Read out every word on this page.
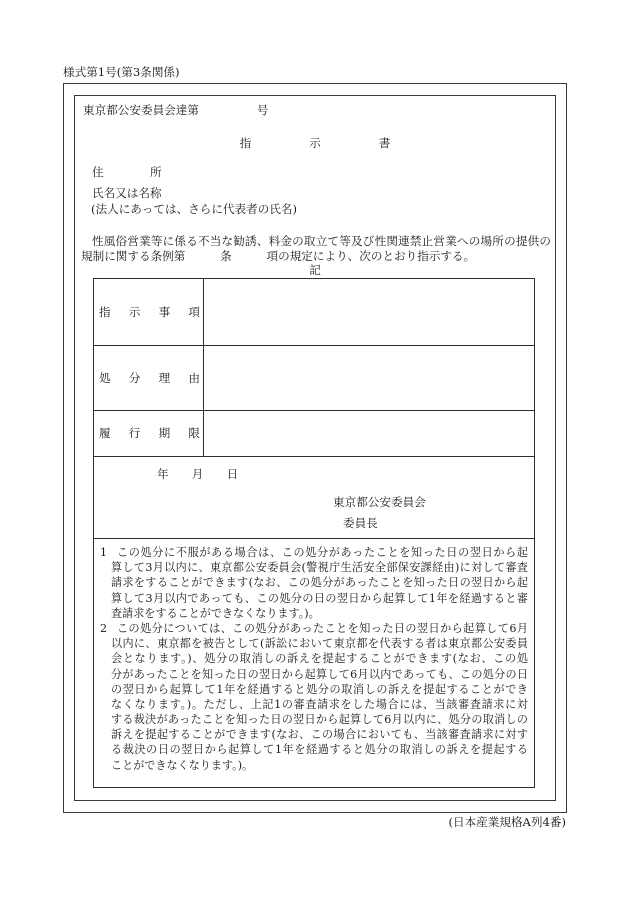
様式第1号(第3条関係)
東京都公安委員会達第　　　　　号
指　　　　　示　　　　　書
住　　　　所
氏名又は名称
(法人にあっては、さらに代表者の氏名)
性風俗営業等に係る不当な勧誘、料金の取立て等及び性関連禁止営業への場所の提供の
規制に関する条例第　　　条　　　項の規定により、次のとおり指示する。
記
指　示　事　項
処　分　理　由
履　行　期　限
年　　月　　日
東京都公安委員会
委員長
1 この処分に不服がある場合は、この処分があったことを知った日の翌日から起
算して3月以内に、東京都公安委員会(警視庁生活安全部保安課経由)に対して審査
請求をすることができます(なお、この処分があったことを知った日の翌日から起
算して3月以内であっても、この処分の日の翌日から起算して1年を経過すると審
査請求をすることができなくなります。)。
2 この処分については、この処分があったことを知った日の翌日から起算して6月
以内に、東京都を被告として(訴訟において東京都を代表する者は東京都公安委員
会となります。)、処分の取消しの訴えを提起することができます(なお、この処
分があったことを知った日の翌日から起算して6月以内であっても、この処分の日
の翌日から起算して1年を経過すると処分の取消しの訴えを提起することができ
なくなります。)。ただし、上記1の審査請求をした場合には、当該審査請求に対
する裁決があったことを知った日の翌日から起算して6月以内に、処分の取消しの
訴えを提起することができます(なお、この場合においても、当該審査請求に対す
る裁決の日の翌日から起算して1年を経過すると処分の取消しの訴えを提起する
ことができなくなります。)。
(日本産業規格A列4番)
